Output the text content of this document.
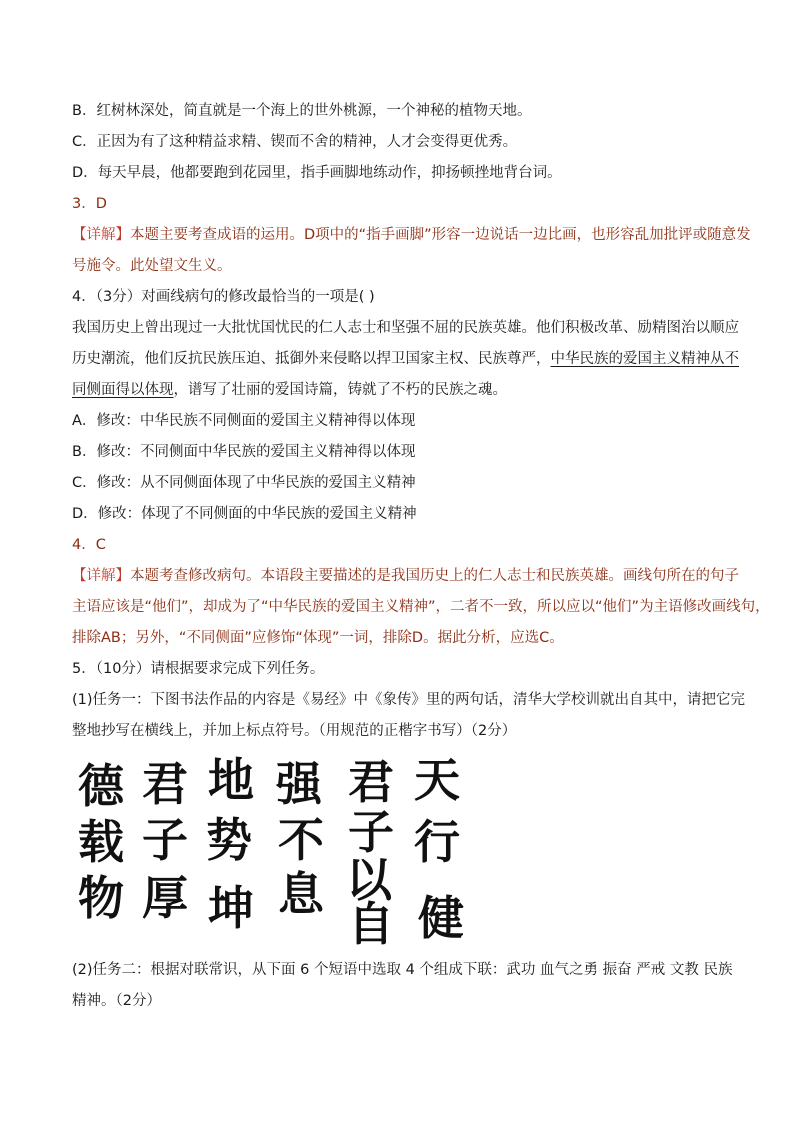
B．红树林深处，简直就是一个海上的世外桃源，一个神秘的植物天地。
C．正因为有了这种精益求精、锲而不舍的精神，人才会变得更优秀。
D．每天早晨，他都要跑到花园里，指手画脚地练动作，抑扬顿挫地背台词。
3．D
【详解】本题主要考查成语的运用。D项中的“指手画脚”形容一边说话一边比画，也形容乱加批评或随意发
号施令。此处望文生义。
4．（3分）对画线病句的修改最恰当的一项是( )
我国历史上曾出现过一大批忧国忧民的仁人志士和坚强不屈的民族英雄。他们积极改革、励精图治以顺应
历史潮流，他们反抗民族压迫、抵御外来侵略以捍卫国家主权、民族尊严，中华民族的爱国主义精神从不
同侧面得以体现，谱写了壮丽的爱国诗篇，铸就了不朽的民族之魂。
A．修改：中华民族不同侧面的爱国主义精神得以体现
B．修改：不同侧面中华民族的爱国主义精神得以体现
C．修改：从不同侧面体现了中华民族的爱国主义精神
D．修改：体现了不同侧面的中华民族的爱国主义精神
4．C
【详解】本题考查修改病句。本语段主要描述的是我国历史上的仁人志士和民族英雄。画线句所在的句子
主语应该是“他们”，却成为了“中华民族的爱国主义精神”，二者不一致，所以应以“他们”为主语修改画线句，
排除AB；另外，“不同侧面”应修饰“体现”一词，排除D。据此分析，应选C。
5．（10分）请根据要求完成下列任务。
(1)任务一：下图书法作品的内容是《易经》中《象传》里的两句话，清华大学校训就出自其中，请把它完
整地抄写在横线上，并加上标点符号。（用规范的正楷字书写）（2分）
天
行
健
君
子
以
自
强
不
息
地
势
坤
君
子
厚
德
载
物
(2)任务二：根据对联常识，从下面 6 个短语中选取 4 个组成下联：武功 血气之勇 振奋 严戒 文教 民族
精神。（2分）
